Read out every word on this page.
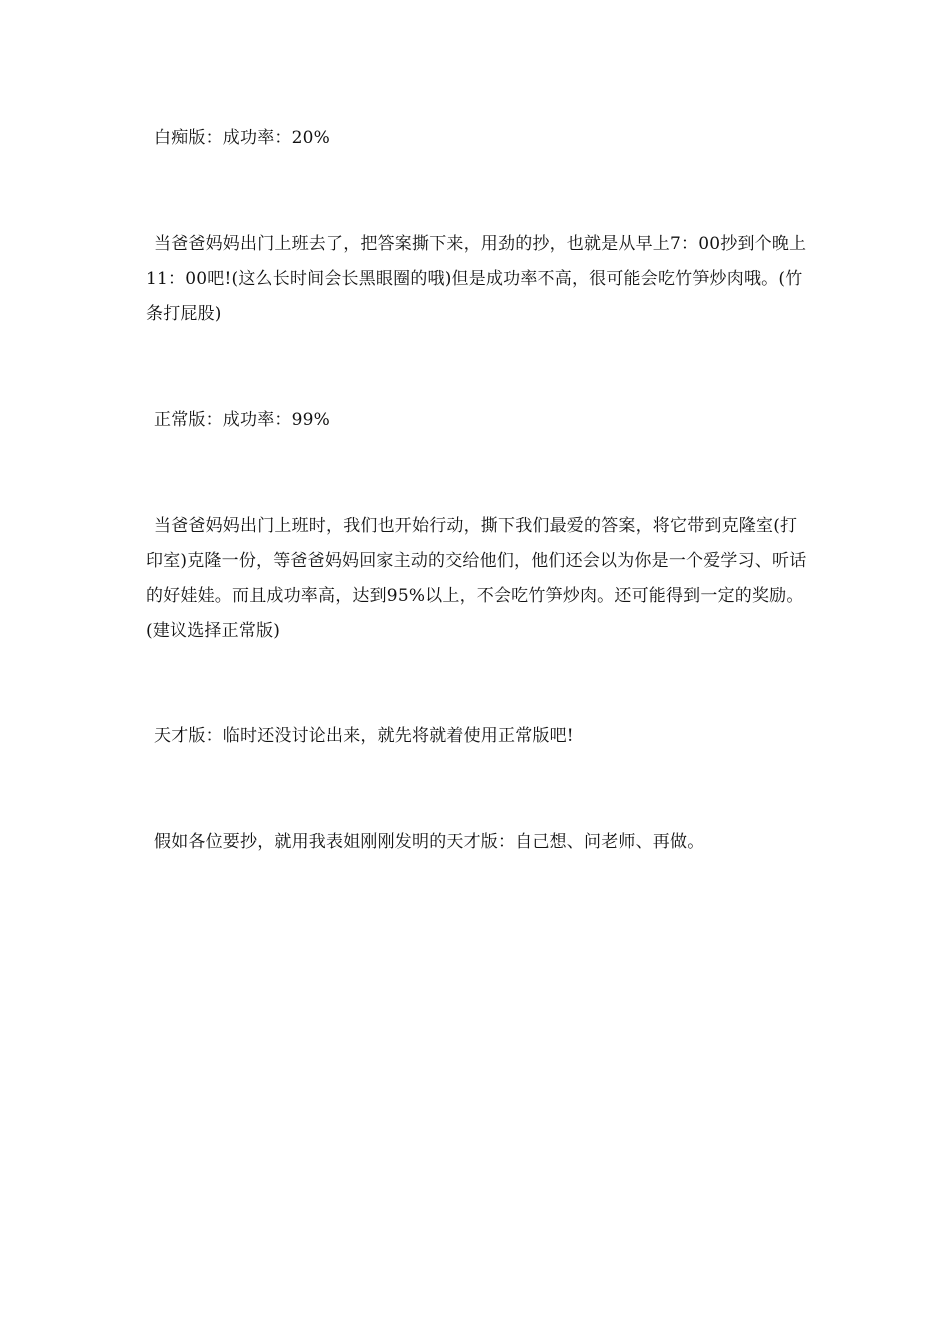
白痴版：成功率：20%

当爸爸妈妈出门上班去了，把答案撕下来，用劲的抄，也就是从早上7：00抄到个晚上11：00吧!(这么长时间会长黑眼圈的哦)但是成功率不高，很可能会吃竹笋炒肉哦。(竹条打屁股)

正常版：成功率：99%

当爸爸妈妈出门上班时，我们也开始行动，撕下我们最爱的答案，将它带到克隆室(打印室)克隆一份，等爸爸妈妈回家主动的交给他们，他们还会以为你是一个爱学习、听话的好娃娃。而且成功率高，达到95%以上，不会吃竹笋炒肉。还可能得到一定的奖励。(建议选择正常版)

天才版：临时还没讨论出来，就先将就着使用正常版吧!

假如各位要抄，就用我表姐刚刚发明的天才版：自己想、问老师、再做。
